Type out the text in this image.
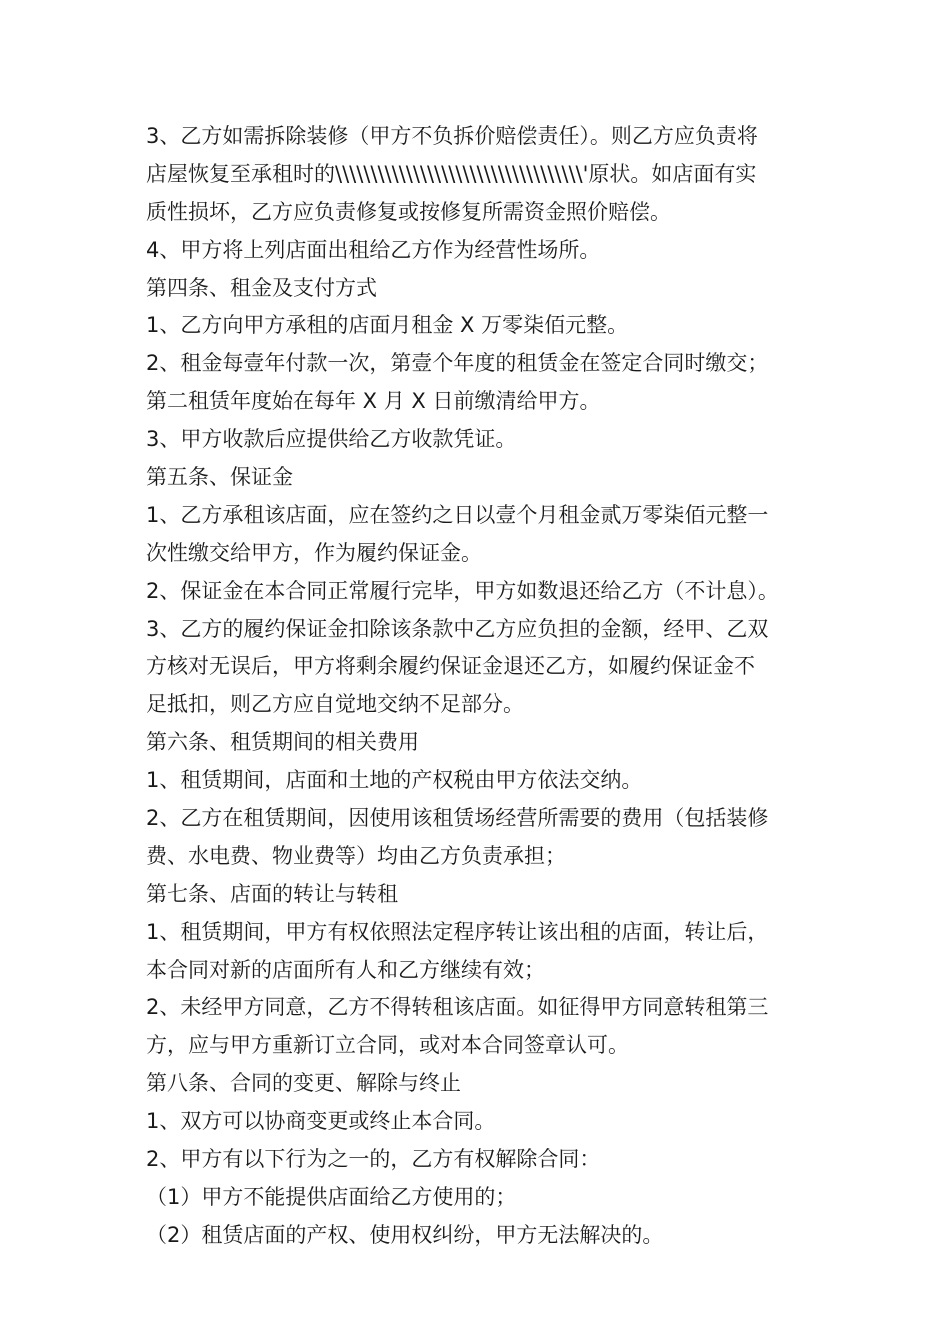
3、乙方如需拆除装修（甲方不负拆价赔偿责任）。则乙方应负责将
店屋恢复至承租时的\\\\\\\\\\\\\\\\\\\\\\\\\\\\\\\\\\\'原状。如店面有实
质性损坏，乙方应负责修复或按修复所需资金照价赔偿。
4、甲方将上列店面出租给乙方作为经营性场所。
第四条、租金及支付方式
1、乙方向甲方承租的店面月租金 X 万零柒佰元整。
2、租金每壹年付款一次，第壹个年度的租赁金在签定合同时缴交；
第二租赁年度始在每年 X 月 X 日前缴清给甲方。
3、甲方收款后应提供给乙方收款凭证。
第五条、保证金
1、乙方承租该店面，应在签约之日以壹个月租金贰万零柒佰元整一
次性缴交给甲方，作为履约保证金。
2、保证金在本合同正常履行完毕，甲方如数退还给乙方（不计息）。
3、乙方的履约保证金扣除该条款中乙方应负担的金额，经甲、乙双
方核对无误后，甲方将剩余履约保证金退还乙方，如履约保证金不
足抵扣，则乙方应自觉地交纳不足部分。
第六条、租赁期间的相关费用
1、租赁期间，店面和土地的产权税由甲方依法交纳。
2、乙方在租赁期间，因使用该租赁场经营所需要的费用（包括装修
费、水电费、物业费等）均由乙方负责承担；
第七条、店面的转让与转租
1、租赁期间，甲方有权依照法定程序转让该出租的店面，转让后，
本合同对新的店面所有人和乙方继续有效；
2、未经甲方同意，乙方不得转租该店面。如征得甲方同意转租第三
方，应与甲方重新订立合同，或对本合同签章认可。
第八条、合同的变更、解除与终止
1、双方可以协商变更或终止本合同。
2、甲方有以下行为之一的，乙方有权解除合同：
（1）甲方不能提供店面给乙方使用的；
（2）租赁店面的产权、使用权纠纷，甲方无法解决的。
